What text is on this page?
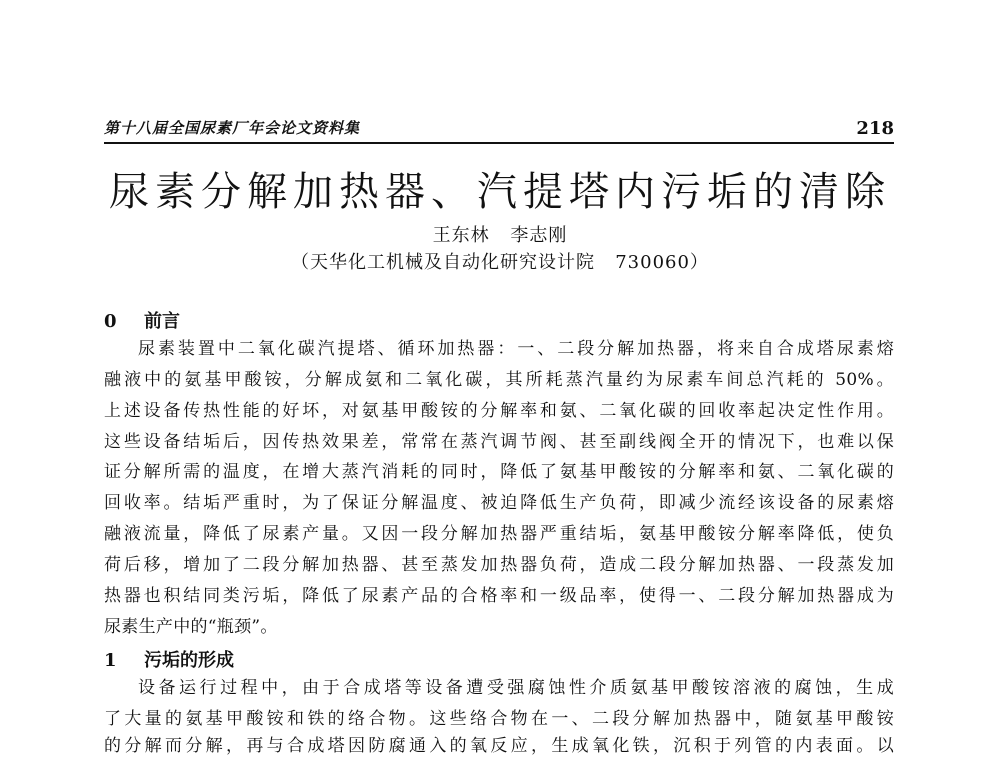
第十八届全国尿素厂年会论文资料集	218
尿素分解加热器、汽提塔内污垢的清除
王东林 李志刚
（天华化工机械及自动化研究设计院   730060）
0 前言
尿素装置中二氧化碳汽提塔、循环加热器：一、二段分解加热器，将来自合成塔尿素熔
融液中的氨基甲酸铵，分解成氨和二氧化碳，其所耗蒸汽量约为尿素车间总汽耗的 50%。
上述设备传热性能的好坏，对氨基甲酸铵的分解率和氨、二氧化碳的回收率起决定性作用。
这些设备结垢后，因传热效果差，常常在蒸汽调节阀、甚至副线阀全开的情况下，也难以保
证分解所需的温度，在增大蒸汽消耗的同时，降低了氨基甲酸铵的分解率和氨、二氧化碳的
回收率。结垢严重时，为了保证分解温度、被迫降低生产负荷，即减少流经该设备的尿素熔
融液流量，降低了尿素产量。又因一段分解加热器严重结垢，氨基甲酸铵分解率降低，使负
荷后移，增加了二段分解加热器、甚至蒸发加热器负荷，造成二段分解加热器、一段蒸发加
热器也积结同类污垢，降低了尿素产品的合格率和一级品率，使得一、二段分解加热器成为
尿素生产中的“瓶颈”。
1 污垢的形成
设备运行过程中，由于合成塔等设备遭受强腐蚀性介质氨基甲酸铵溶液的腐蚀，生成
了大量的氨基甲酸铵和铁的络合物。这些络合物在一、二段分解加热器中，随氨基甲酸铵
的分解而分解，再与合成塔因防腐通入的氧反应，生成氧化铁，沉积于列管的内表面。以
